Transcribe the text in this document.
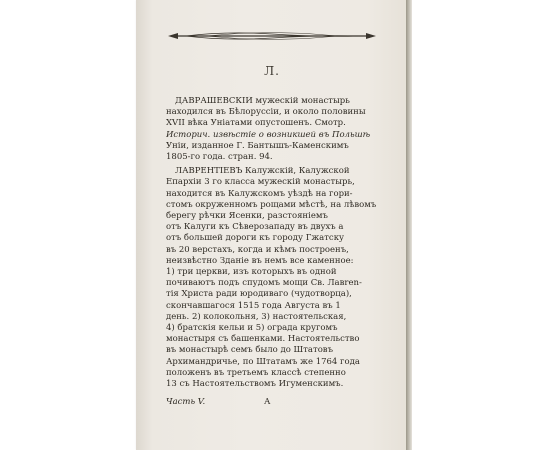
Л.
ДАВРАШЕВСКІЙ мужескій монастырь
находился въ Бѣлоруссіи, и около половины
XVII вѣка Уніатами опустошенъ. Смотр.
Историч. извѣстіе о возникшей въ Польшѣ
Уніи, изданное Г. Бантышъ-Каменскимъ
1805-го года. стран. 94.
ЛАВРЕНТІЕВЪ Калужскій, Калужской
Епархіи 3 го класса мужескій монастырь,
находится въ Калужскомъ уѣздѣ на гори-
стомъ окруженномъ рощами мѣстѣ, на лѣвомъ
берегу рѣчки Ясенки, разстояніемъ
отъ Калуги къ Сѣверозападу въ двухъ а
отъ большей дороги къ городу Гжатску
въ 20 верстахъ, когда и кѣмъ построенъ,
неизвѣстно Зданіе въ немъ все каменное:
1) три церкви, изъ которыхъ въ одной
почиваютъ подъ спудомъ мощи Св. Лавren-
тія Христа ради юродиваго (чудотворца),
скончавшагося 1515 года Августа въ 1
день. 2) колокольня, 3) настоятельская,
4) братскія кельи и 5) ограда кругомъ
монастыря съ башенками. Настоятельство
въ монастырѣ семъ было до Штатовъ
Архимандричье, по Штатамъ же 1764 года
положенъ въ третьемъ классѣ степенно
13 съ Настоятельствомъ Игуменскимъ.
Часть V.	А
